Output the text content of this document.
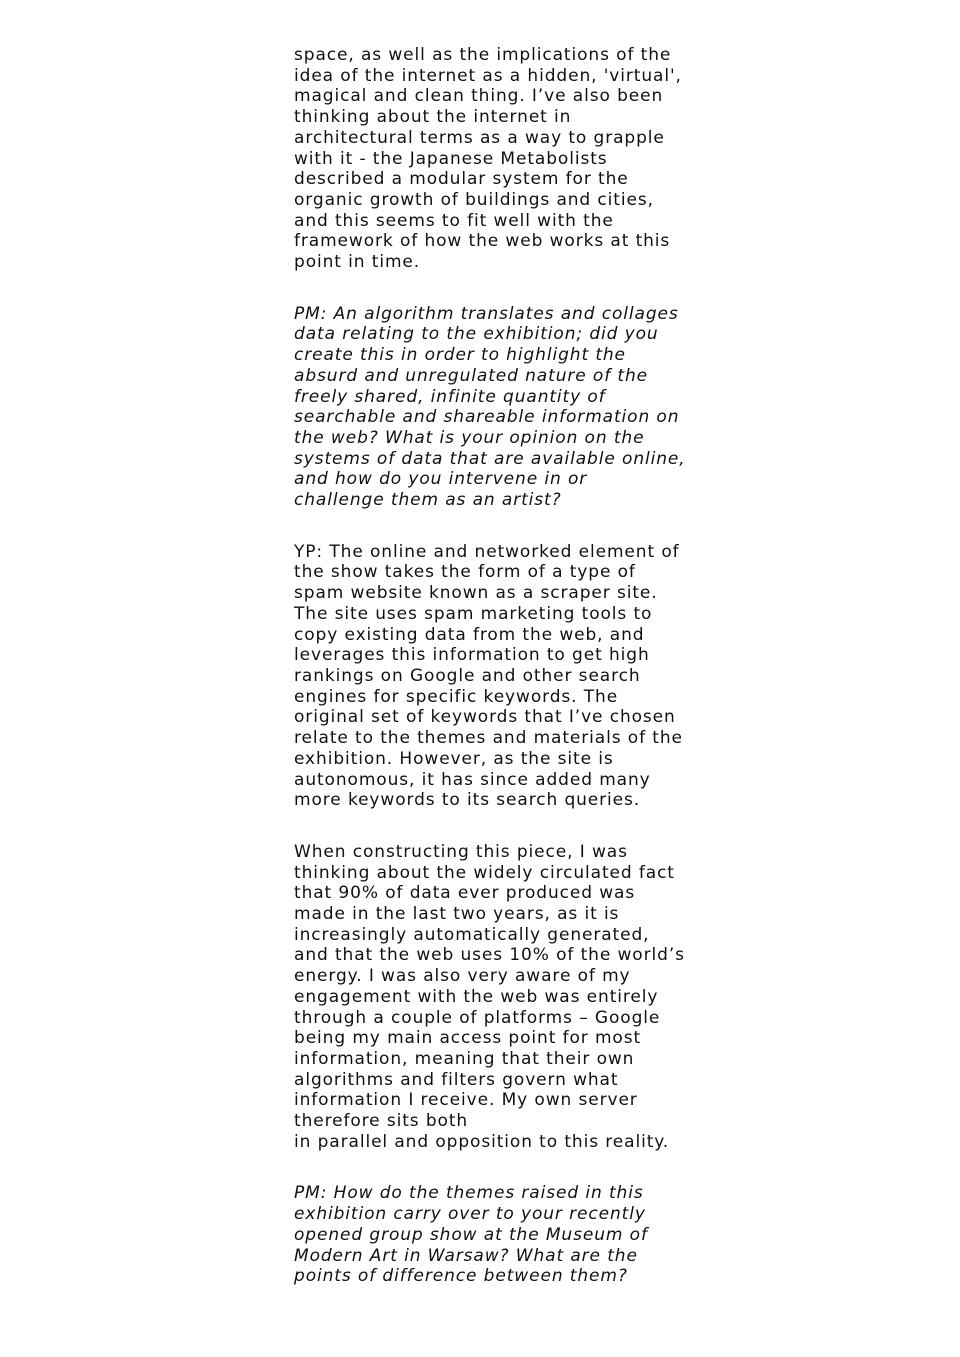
space, as well as the implications of the
idea of the internet as a hidden, 'virtual',
magical and clean thing. I’ve also been
thinking about the internet in
architectural terms as a way to grapple
with it - the Japanese Metabolists
described a modular system for the
organic growth of buildings and cities,
and this seems to fit well with the
framework of how the web works at this
point in time.
PM: An algorithm translates and collages
data relating to the exhibition; did you
create this in order to highlight the
absurd and unregulated nature of the
freely shared, infinite quantity of
searchable and shareable information on
the web? What is your opinion on the
systems of data that are available online,
and how do you intervene in or
challenge them as an artist?
YP: The online and networked element of
the show takes the form of a type of
spam website known as a scraper site.
The site uses spam marketing tools to
copy existing data from the web, and
leverages this information to get high
rankings on Google and other search
engines for specific keywords. The
original set of keywords that I’ve chosen
relate to the themes and materials of the
exhibition. However, as the site is
autonomous, it has since added many
more keywords to its search queries.
When constructing this piece, I was
thinking about the widely circulated fact
that 90% of data ever produced was
made in the last two years, as it is
increasingly automatically generated,
and that the web uses 10% of the world’s
energy. I was also very aware of my
engagement with the web was entirely
through a couple of platforms – Google
being my main access point for most
information, meaning that their own
algorithms and filters govern what
information I receive. My own server
therefore sits both
in parallel and opposition to this reality.
PM: How do the themes raised in this
exhibition carry over to your recently
opened group show at the Museum of
Modern Art in Warsaw? What are the
points of difference between them?
